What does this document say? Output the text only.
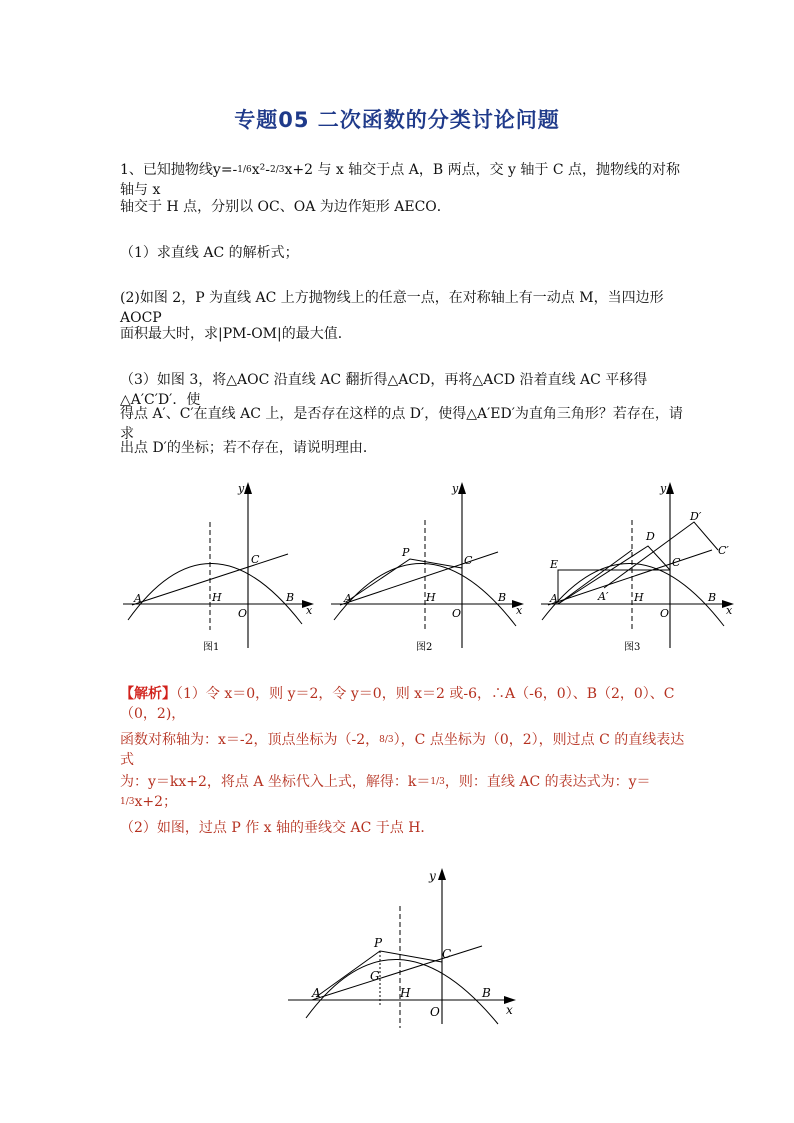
专题05 二次函数的分类讨论问题
1、已知抛物线y=-1/6x²-2/3x+2 与 x 轴交于点 A，B 两点，交 y 轴于 C 点，抛物线的对称轴与 x
轴交于 H 点，分别以 OC、OA 为边作矩形 AECO．
（1）求直线 AC 的解析式；
(2)如图 2，P 为直线 AC 上方抛物线上的任意一点，在对称轴上有一动点 M，当四边形 AOCP
面积最大时，求|PM-OM|的最大值．
（3）如图 3，将△AOC 沿直线 AC 翻折得△ACD，再将△ACD 沿着直线 AC 平移得△A′C′D′．使
得点 A′、C′在直线 AC 上，是否存在这样的点 D′，使得△A′ED′为直角三角形？若存在，请求
出点 D′的坐标；若不存在，请说明理由．
y
x
A	H
O
B
C
图1
y
x
A	H
O
B
C
P
图2
y
x
A	H
O
B
C
E
D
D′
C′
A′
图3
【解析】（1）令 x＝0，则 y＝2，令 y＝0，则 x＝2 或-6，∴A（-6，0）、B（2，0）、C（0，2)，
函数对称轴为：x＝-2，顶点坐标为（-2，8/3），C 点坐标为（0，2），则过点 C 的直线表达式
为：y＝kx+2，将点 A 坐标代入上式，解得：k＝1/3，则：直线 AC 的表达式为：y＝1/3x+2；
（2）如图，过点 P 作 x 轴的垂线交 AC 于点 H．
y
x
A	H
O
B
C
P
G
